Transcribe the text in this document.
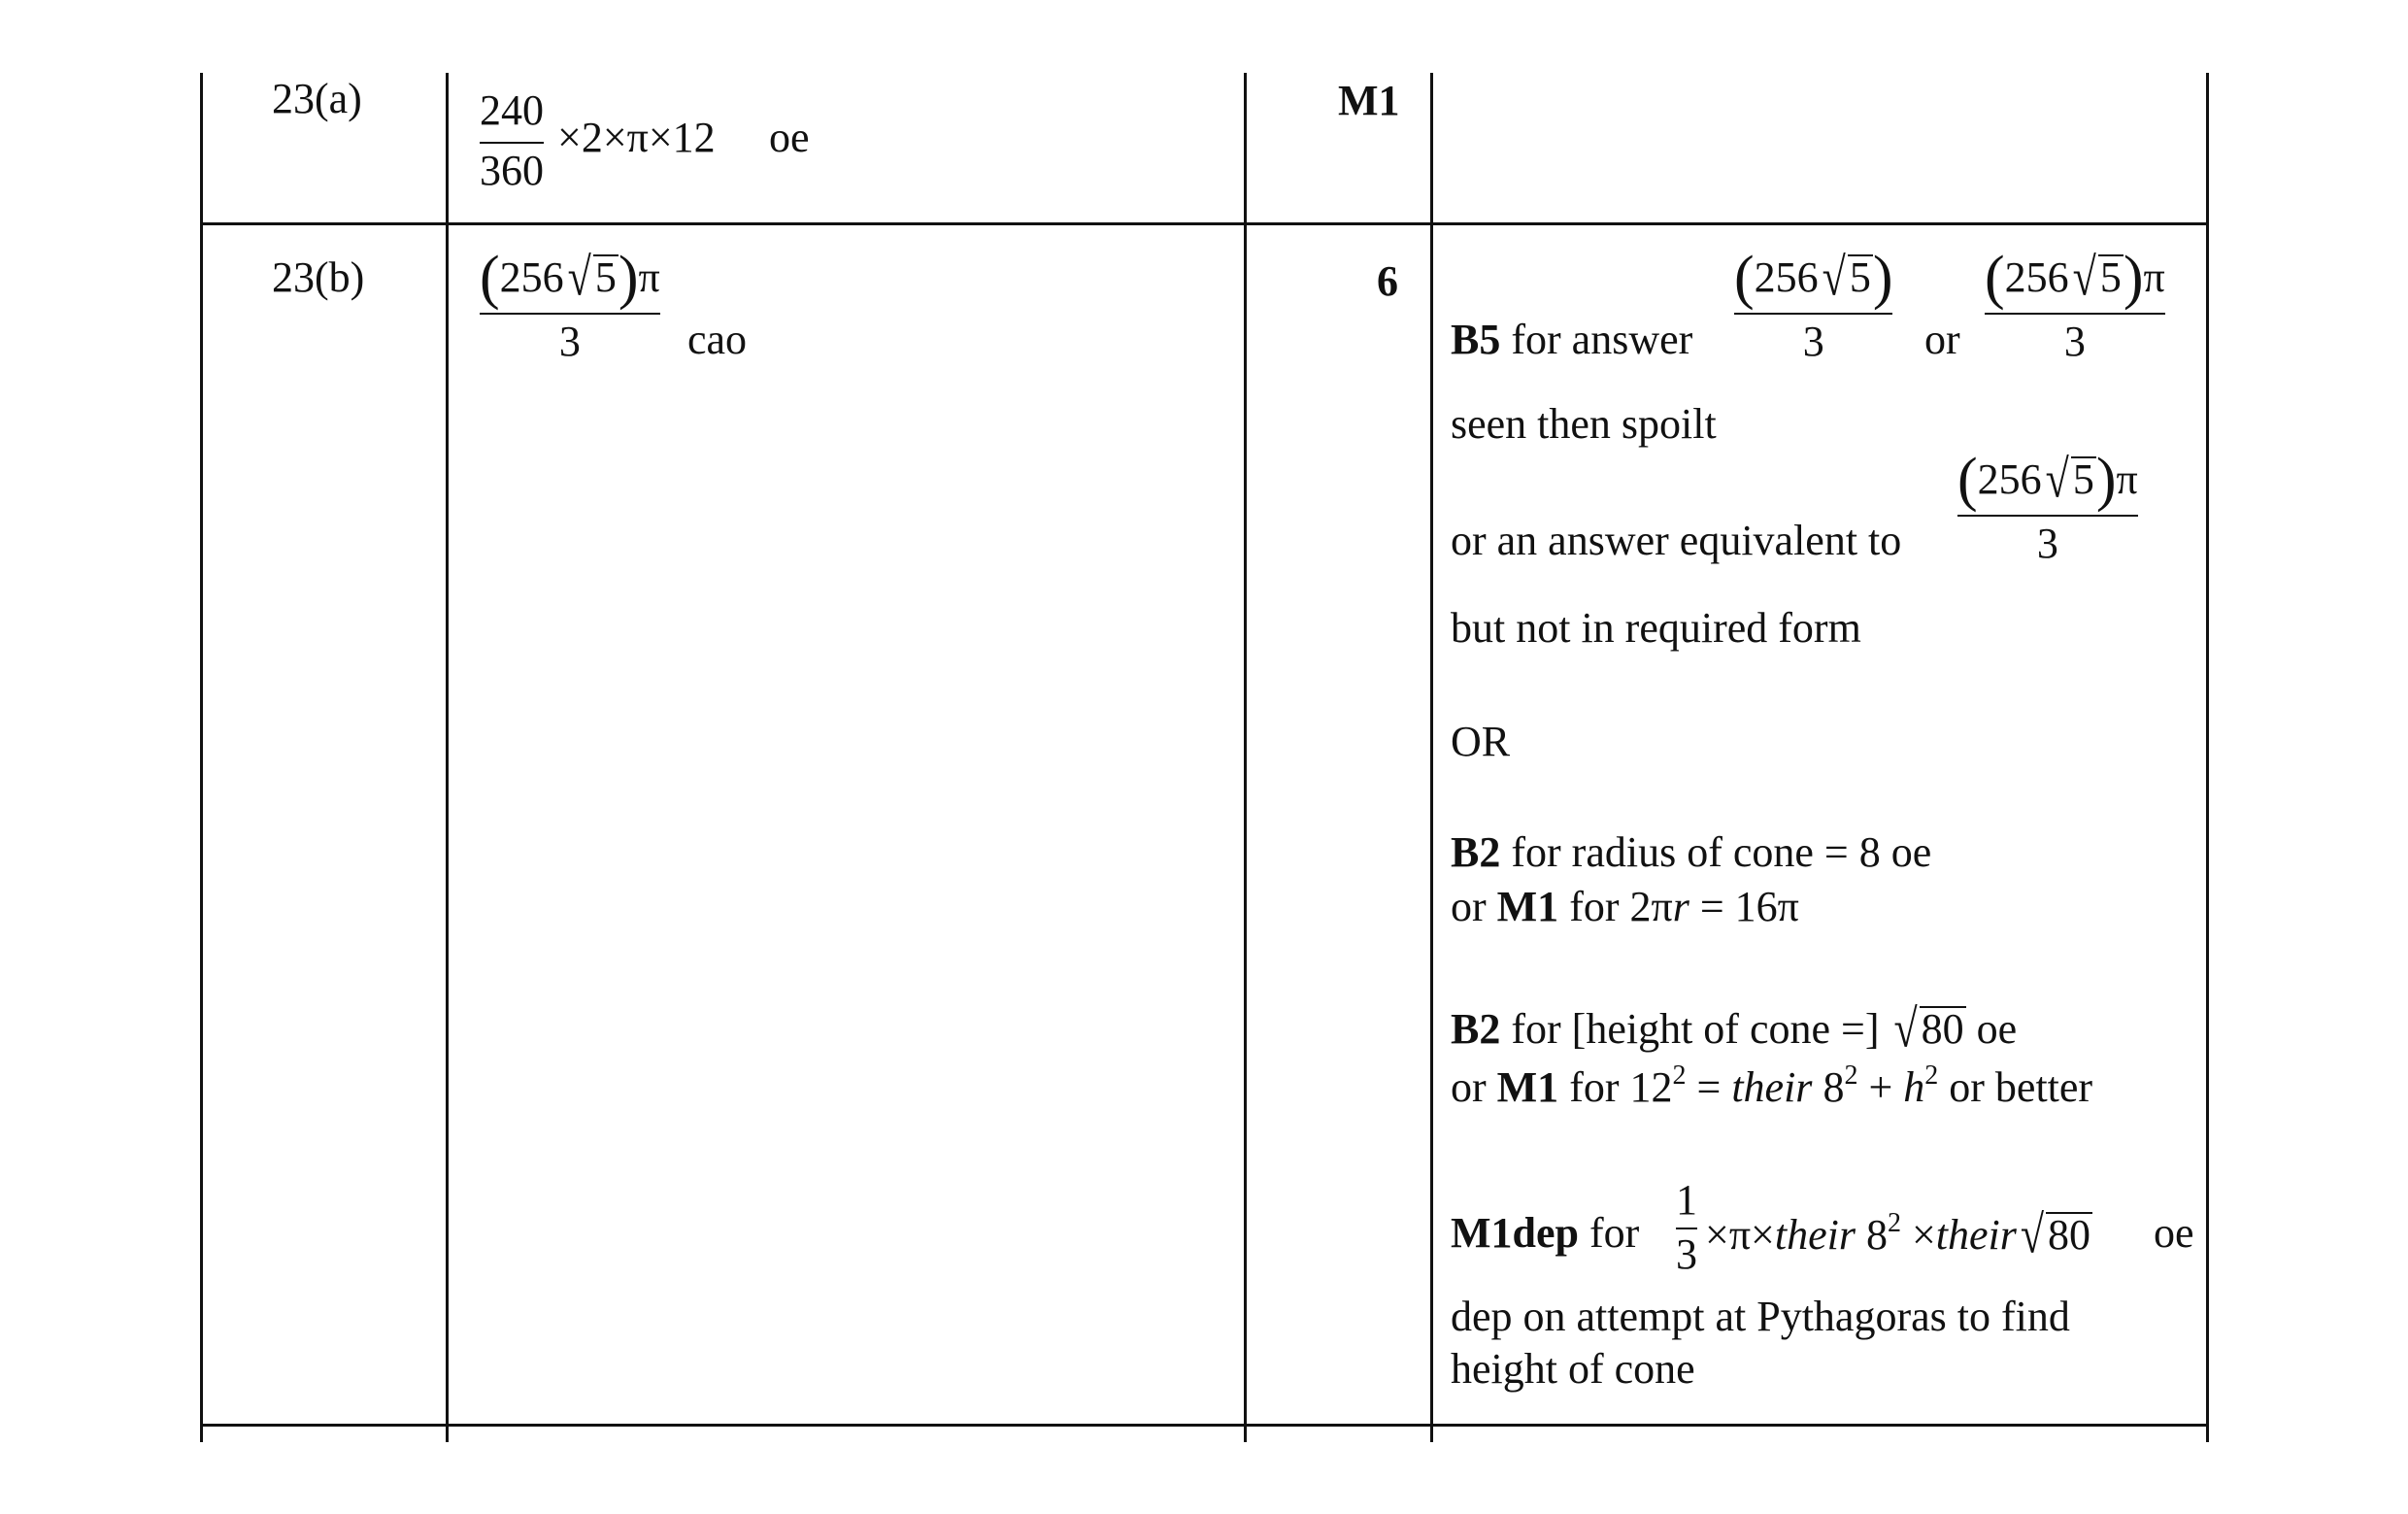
23(a)	240
360
×2×π×12 oe
M1
23(b) (256√5)π
3	cao
6
B5 for answer
(256√5)
3 or
(256√5)π
3
seen then spoilt
or an answer equivalent to
(256√5)π
3
but not in required form
OR
B2 for radius of cone = 8 oe
or M1 for 2πr = 16π
B2 for [height of cone =] √80 oe
or M1 for $12^2$ = their $8^2 + h^2$ or better
M1dep for
1
3 ×π×their $8^2$ ×their√80 oe
dep on attempt at Pythagoras to find
height of cone
